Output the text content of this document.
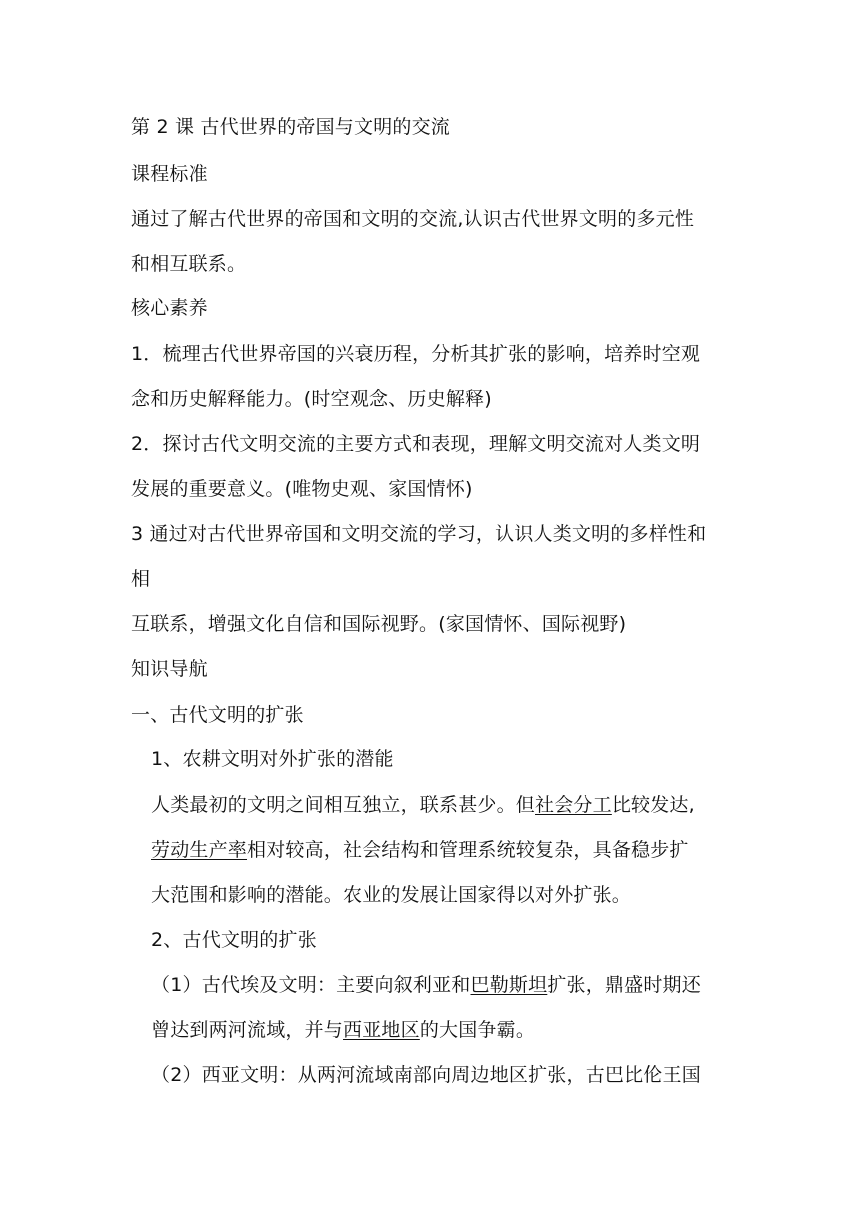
第 2 课 古代世界的帝国与文明的交流
课程标准
通过了解古代世界的帝国和文明的交流,认识古代世界文明的多元性
和相互联系。
核心素养
1．梳理古代世界帝国的兴衰历程，分析其扩张的影响，培养时空观
念和历史解释能力。(时空观念、历史解释)
2．探讨古代文明交流的主要方式和表现，理解文明交流对人类文明
发展的重要意义。(唯物史观、家国情怀)
3 通过对古代世界帝国和文明交流的学习，认识人类文明的多样性和
相
互联系，增强文化自信和国际视野。(家国情怀、国际视野)
知识导航
一、古代文明的扩张
1、农耕文明对外扩张的潜能
人类最初的文明之间相互独立，联系甚少。但社会分工比较发达,
劳动生产率相对较高，社会结构和管理系统较复杂，具备稳步扩
大范围和影响的潜能。农业的发展让国家得以对外扩张。
2、古代文明的扩张
（1）古代埃及文明：主要向叙利亚和巴勒斯坦扩张，鼎盛时期还
曾达到两河流域，并与西亚地区的大国争霸。
（2）西亚文明：从两河流域南部向周边地区扩张，古巴比伦王国
